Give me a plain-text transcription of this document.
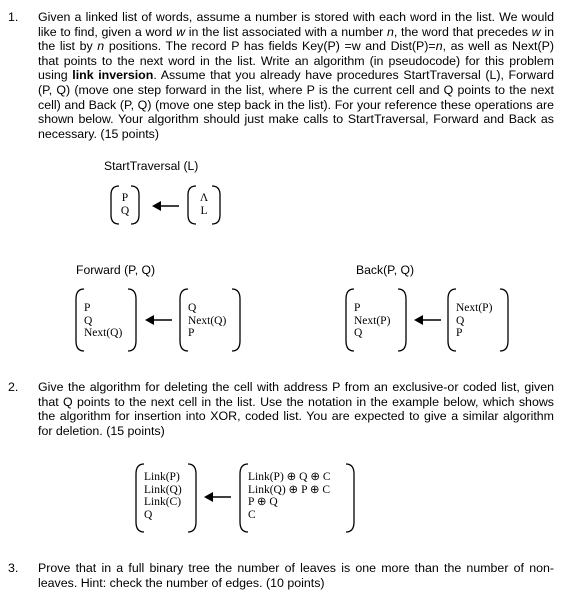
1. Given a linked list of words, assume a number is stored with each word in the list. We would like to find, given a word w in the list associated with a number n, the word that precedes w in the list by n positions. The record P has fields Key(P) =w and Dist(P)=n, as well as Next(P) that points to the next word in the list. Write an algorithm (in pseudocode) for this problem using link inversion. Assume that you already have procedures StartTraversal (L), Forward (P, Q) (move one step forward in the list, where P is the current cell and Q points to the next cell) and Back (P, Q) (move one step back in the list). For your reference these operations are shown below. Your algorithm should just make calls to StartTraversal, Forward and Back as necessary. (15 points)
StartTraversal (L)
P
Q
Λ
L
Forward (P, Q)
P
Q
Next(Q)
Q
Next(Q)
P
Back(P, Q)
P
Next(P)
Q
Next(P)
Q
P
2. Give the algorithm for deleting the cell with address P from an exclusive-or coded list, given that Q points to the next cell in the list. Use the notation in the example below, which shows the algorithm for insertion into XOR, coded list. You are expected to give a similar algorithm for deletion. (15 points)
Link(P)
Link(Q)
Link(C)
Q
Link(P) ⊕ Q ⊕ C
Link(Q) ⊕ P ⊕ C
P ⊕ Q
C
3. Prove that in a full binary tree the number of leaves is one more than the number of non-leaves. Hint: check the number of edges. (10 points)
